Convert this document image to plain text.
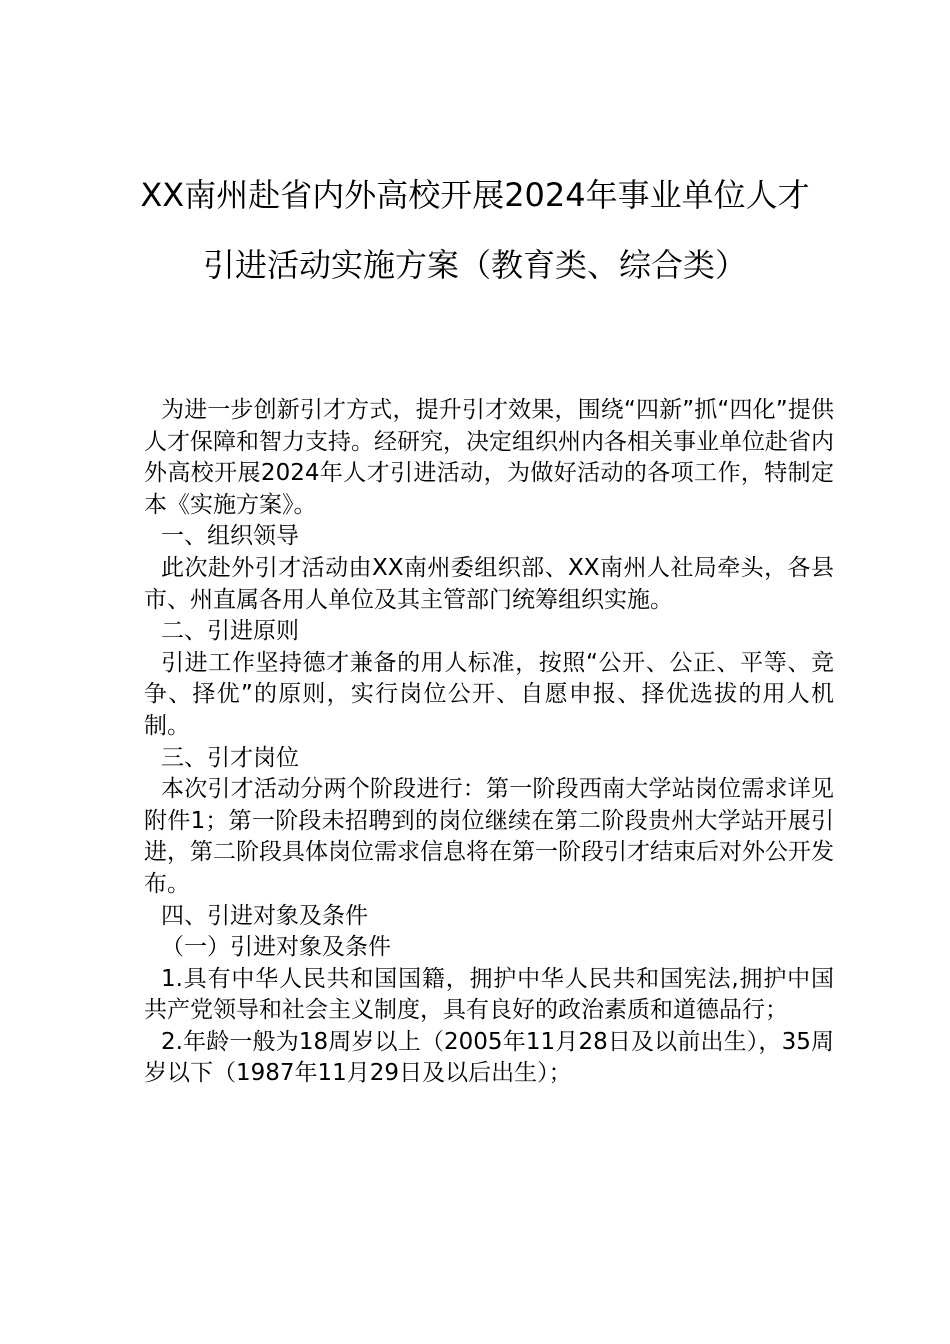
XX南州赴省内外高校开展2024年事业单位人才引进活动实施方案（教育类、综合类）

为进一步创新引才方式，提升引才效果，围绕“四新”抓“四化”提供人才保障和智力支持。经研究，决定组织州内各相关事业单位赴省内外高校开展2024年人才引进活动，为做好活动的各项工作，特制定本《实施方案》。

一、组织领导

此次赴外引才活动由XX南州委组织部、XX南州人社局牵头，各县市、州直属各用人单位及其主管部门统筹组织实施。

二、引进原则

引进工作坚持德才兼备的用人标准，按照“公开、公正、平等、竞争、择优”的原则，实行岗位公开、自愿申报、择优选拔的用人机制。

三、引才岗位

本次引才活动分两个阶段进行：第一阶段西南大学站岗位需求详见附件1；第一阶段未招聘到的岗位继续在第二阶段贵州大学站开展引进，第二阶段具体岗位需求信息将在第一阶段引才结束后对外公开发布。

四、引进对象及条件

（一）引进对象及条件

1.具有中华人民共和国国籍，拥护中华人民共和国宪法,拥护中国共产党领导和社会主义制度，具有良好的政治素质和道德品行；

2.年龄一般为18周岁以上（2005年11月28日及以前出生），35周岁以下（1987年11月29日及以后出生）；
